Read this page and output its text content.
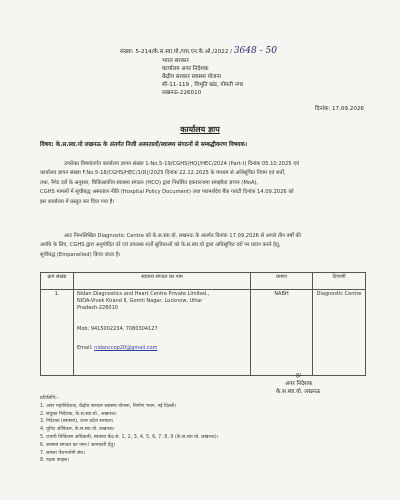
संख्या: 5-214/के.स.स्वा.यो./एस.एन.के.ओ./2022 / 3648 - 50
भारत सरकार
कार्यालय अपर निदेशक
केंद्रीय सरकार स्वास्थ्य योजना
सी-11-119 , विभूति खंड, गोमती नगर
लखनऊ-226010
दिनांक: 17.09.2026
कार्यालय ज्ञाप
विषय: के.स.स्वा.यो लखनऊ के अंतर्गत निजी अस्पतालों/स्वास्थ्य संगठनों से सम्बद्धीकरण विषयक।
उपरोक्त विषयांतर्गत कार्यालय ज्ञापन संख्या 1-No.5-19/CGHS(HQ)/HEC/2024 (Part-I) दिनांक 05.10.2025 एवं
कार्यालय ज्ञापन संख्या F.No.5-18/CGHS/HEC/1(R)/2025 दिनांक 22.12.2025 के माध्यम से अधिसूचित नियम एवं शर्तों,
तथा, नैगेट दरों के अनुसार, चिकित्सकीय स्वास्थ्य संगठन (HCO) द्वारा निर्धारित इकरारनामा समझौता ज्ञापन (MoA),
CGHS मामलों में सूचीबद्ध अस्पताल नीति (Hospital Policy Document) तथा परामर्शदेय बैंक गारंटी दिनांक 14.09.2026 को
इस कार्यालय में प्रस्तुत कर दिया गया है।
अतः निम्नलिखित Diagnostic Centre को के.स.स्वा.यो. लखनऊ के अंतर्गत दिनांक 17.09.2026 से अगले तीन वर्षों की
अवधि के लिए, CGHS द्वारा अनुमोदित दरें एवं उपलब्ध शर्तों सुविधाओं को के.स.स्वा.यो द्वारा अधिसूचित दरों पर प्रदान करने हेतु,
सूचीबद्ध (Empanelled) किया जाता है।
क्रम संख्या	स्वास्थ्य संगठन का नाम	प्रमाण	टिप्पणी
1.	Nidan Diagnostics and Heart Centre Private Limited.,
NIDA-Vivek Khand II, Gomti Nagar, Lucknow, Uttar
Pradesh-226010
Mob: 9415002234, 7080304127
Email: nidanccop20@gmail.com	NABH	Diagnostic Centre
ह/-
अपर निदेशक
के.स.स्वा.यो. लखनऊ
प्रतिलिपि:-
1. अपर महानिदेशक, केंद्रीय सरकार स्वास्थ्य योजना, निर्माण भवन, नई दिल्ली।
2. संयुक्त निदेशक, के.स.स्वा.यो., लखनऊ।
3. निदेशक (स्वास्थ्य), उत्तर प्रदेश सरकार।
4. यूनिट ऑफिसर, के.स.स्वा.यो. लखनऊ।
5. प्रभारी चिकित्सा अधिकारी, स्वास्थ्य केंद्र सं. 1, 2, 3, 4, 5, 6, 7, 8, 9 (के.स.स्वा.यो. लखनऊ)।
6. स्वास्थ्य संगठन का नाम-/ जानकारी हेतु।
7. समस्त पेंशनभोगी संघ।
8. रक्षक फाइल।
